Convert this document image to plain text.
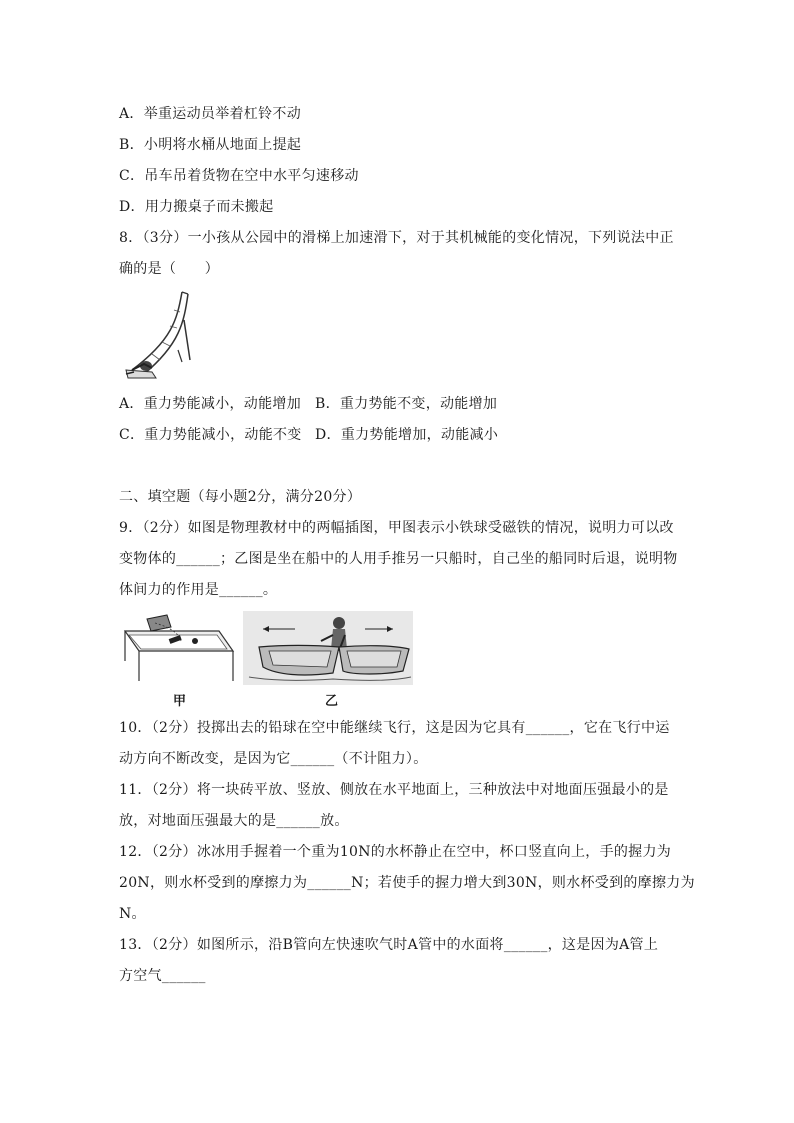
A．举重运动员举着杠铃不动
B．小明将水桶从地面上提起
C．吊车吊着货物在空中水平匀速移动
D．用力搬桌子而未搬起
8．（3分）一小孩从公园中的滑梯上加速滑下，对于其机械能的变化情况，下列说法中正
确的是（　　）
A．重力势能减小，动能增加 B．重力势能不变，动能增加
C．重力势能减小，动能不变 D．重力势能增加，动能减小
二、填空题（每小题2分，满分20分）
9．（2分）如图是物理教材中的两幅插图，甲图表示小铁球受磁铁的情况，说明力可以改
变物体的______；乙图是坐在船中的人用手推另一只船时，自己坐的船同时后退，说明物
体间力的作用是______。
甲	乙
10．（2分）投掷出去的铅球在空中能继续飞行，这是因为它具有______，它在飞行中运
动方向不断改变，是因为它______（不计阻力）。
11．（2分）将一块砖平放、竖放、侧放在水平地面上，三种放法中对地面压强最小的是
放，对地面压强最大的是______放。
12．（2分）冰冰用手握着一个重为10N的水杯静止在空中，杯口竖直向上，手的握力为
20N，则水杯受到的摩擦力为______N；若使手的握力增大到30N，则水杯受到的摩擦力为
N。
13．（2分）如图所示，沿B管向左快速吹气时A管中的水面将______，这是因为A管上
方空气______
